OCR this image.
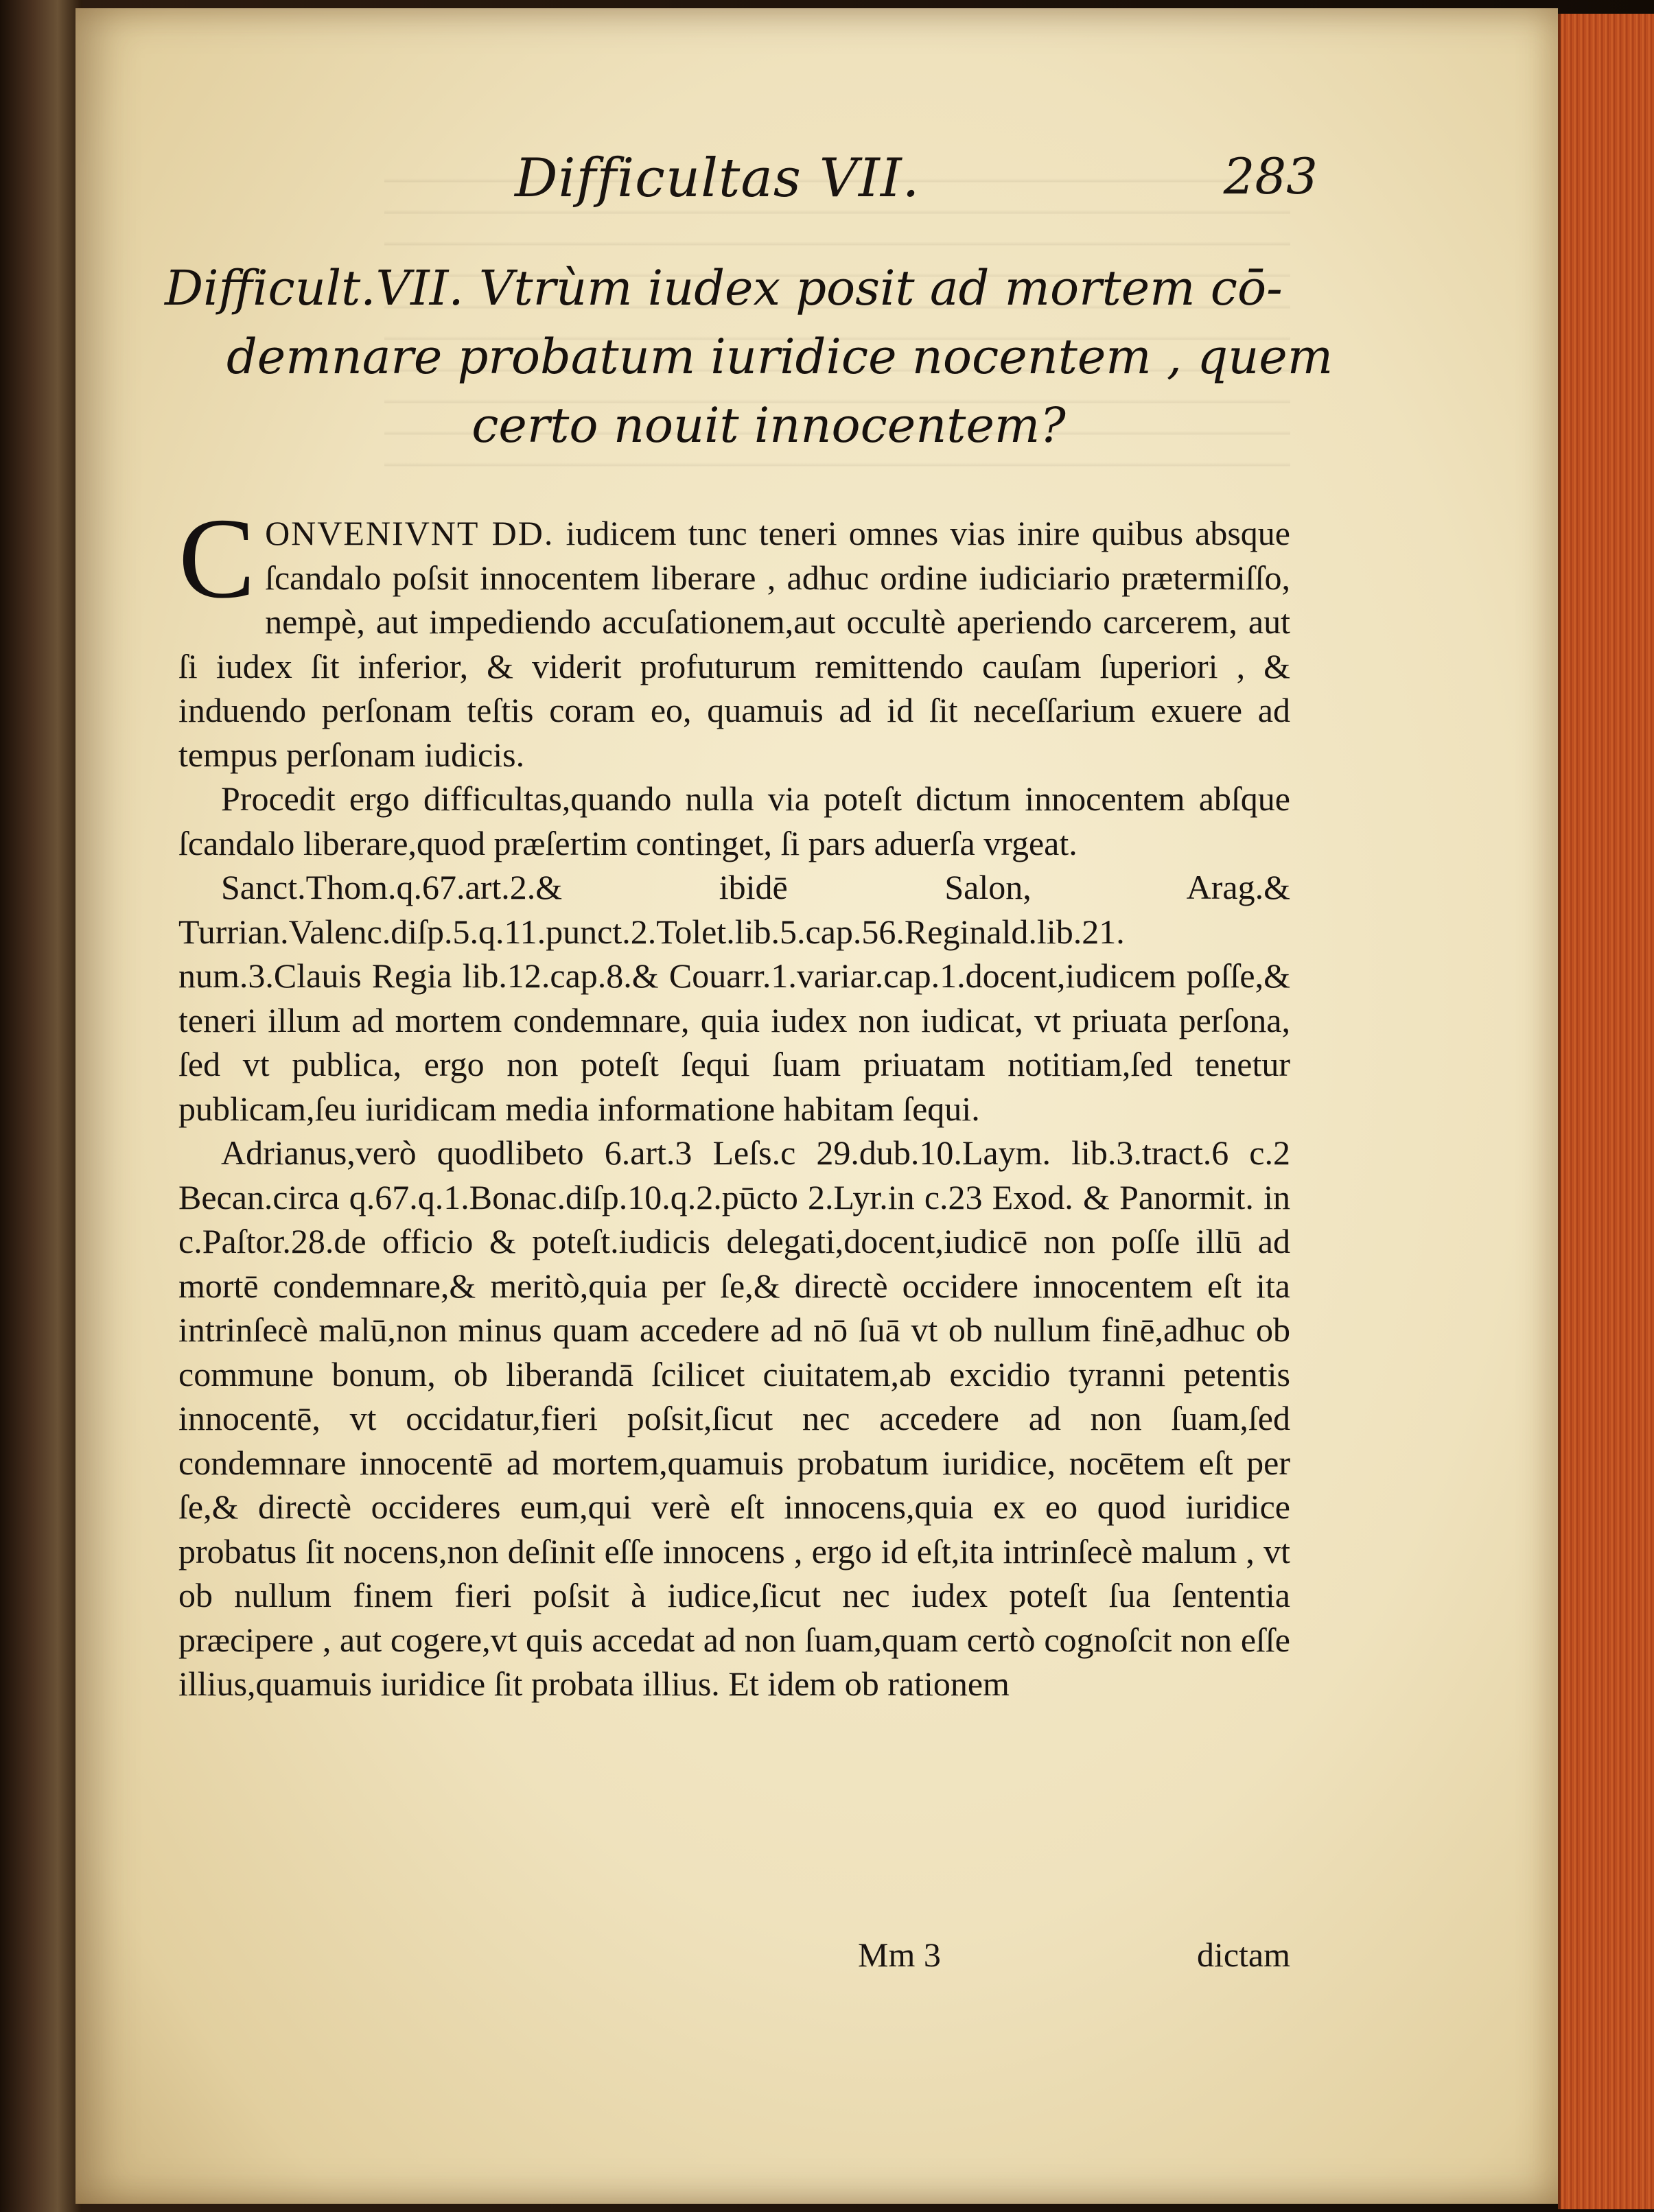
Difficultas VII.	283
Difficult.VII. Vtrùm iudex posit ad mortem cō-
demnare probatum iuridice nocentem , quem
certo nouit innocentem?

C ONVENIVNT DD. iudicem tunc teneri omnes vias inire quibus absque ſcandalo poſsit innocentem liberare , adhuc ordine iudiciario prætermiſſo, nempè, aut impediendo accuſationem,aut occultè aperiendo carcerem, aut ſi iudex ſit inferior, & viderit profuturum remittendo cauſam ſuperiori , & induendo perſonam teſtis coram eo, quamuis ad id ſit neceſſarium exuere ad tempus perſonam iudicis.

Procedit ergo difficultas,quando nulla via poteſt dictum innocentem abſque ſcandalo liberare,quod præſertim continget, ſi pars aduerſa vrgeat.

Sanct.Thom.q.67.art.2.& ibidē Salon, Arag.& Turrian.Valenc.diſp.5.q.11.punct.2.Tolet.lib.5.cap.56.Reginald.lib.21. num.3.Clauis Regia lib.12.cap.8.& Couarr.1.variar.cap.1.docent,iudicem poſſe,& teneri illum ad mortem condemnare, quia iudex non iudicat, vt priuata perſona, ſed vt publica, ergo non poteſt ſequi ſuam priuatam notitiam,ſed tenetur publicam,ſeu iuridicam media informatione habitam ſequi.

Adrianus,verò quodlibeto 6.art.3 Leſs.c 29.dub.10.Laym. lib.3.tract.6 c.2 Becan.circa q.67.q.1.Bonac.diſp.10.q.2.pūcto 2.Lyr.in c.23 Exod. & Panormit. in c.Paſtor.28.de officio & poteſt.iudicis delegati,docent,iudicē non poſſe illū ad mortē condemnare,& meritò,quia per ſe,& directè occidere innocentem eſt ita intrinſecè malū,non minus quam accedere ad nō ſuā vt ob nullum finē,adhuc ob commune bonum, ob liberandā ſcilicet ciuitatem,ab excidio tyranni petentis innocentē, vt occidatur,fieri poſsit,ſicut nec accedere ad non ſuam,ſed condemnare innocentē ad mortem,quamuis probatum iuridice, nocētem eſt per ſe,& directè occideres eum,qui verè eſt innocens,quia ex eo quod iuridice probatus ſit nocens,non deſinit eſſe innocens , ergo id eſt,ita intrinſecè malum , vt ob nullum finem fieri poſsit à iudice,ſicut nec iudex poteſt ſua ſententia præcipere , aut cogere,vt quis accedat ad non ſuam,quam certò cognoſcit non eſſe illius,quamuis iuridice ſit probata illius. Et idem ob rationem

Mm 3	dictam
